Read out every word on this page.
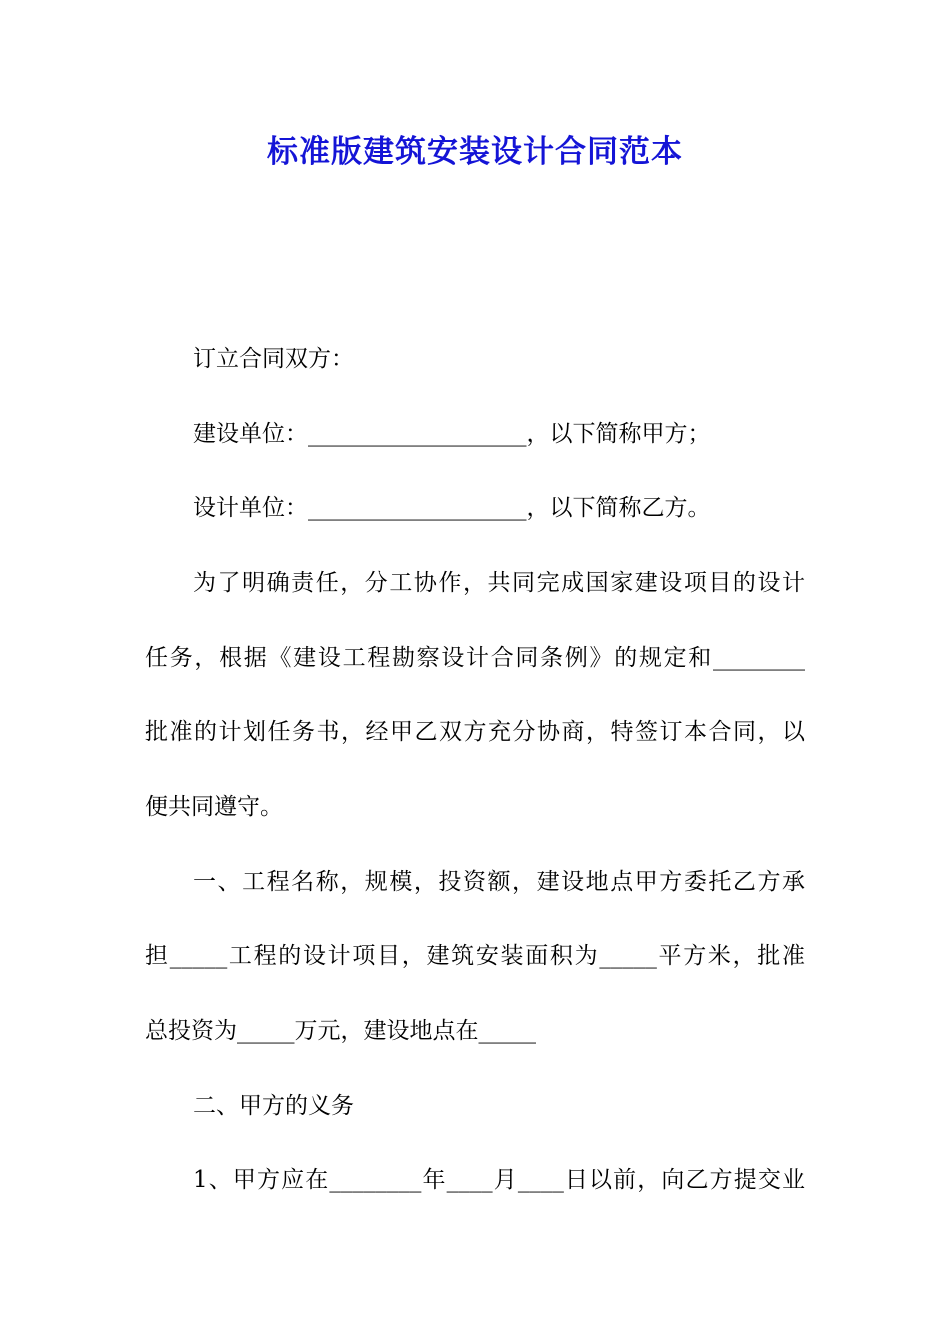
标准版建筑安装设计合同范本
订立合同双方：
建设单位：___________________，以下简称甲方；
设计单位：___________________，以下简称乙方。
为了明确责任，分工协作，共同完成国家建设项目的设计
任务，根据《建设工程勘察设计合同条例》的规定和________
批准的计划任务书，经甲乙双方充分协商，特签订本合同，以
便共同遵守。
一、工程名称，规模，投资额，建设地点甲方委托乙方承
担_____工程的设计项目，建筑安装面积为_____平方米，批准
总投资为_____万元，建设地点在_____
二、甲方的义务
1、甲方应在________年____月____日以前，向乙方提交业
